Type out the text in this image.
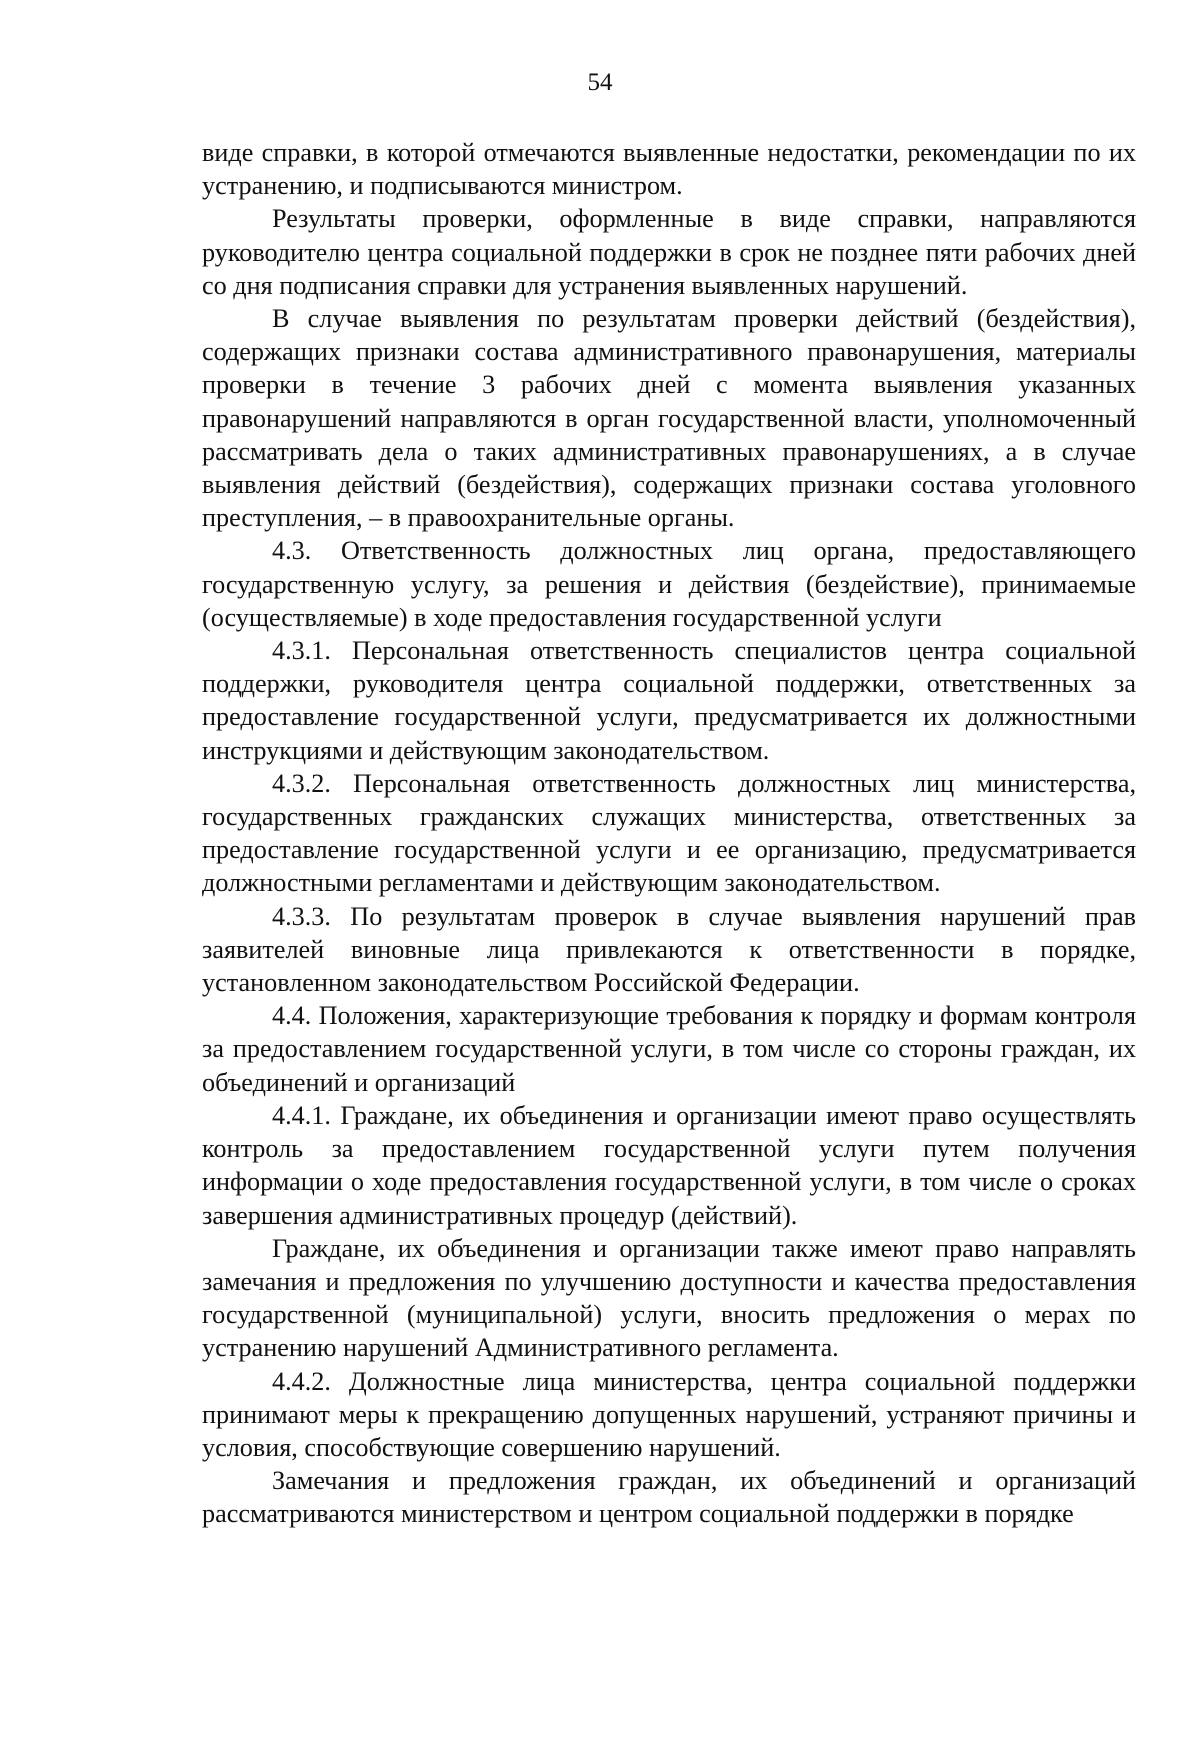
54

виде справки, в которой отмечаются выявленные недостатки, рекомендации по их устранению, и подписываются министром.

Результаты проверки, оформленные в виде справки, направляются руководителю центра социальной поддержки в срок не позднее пяти рабочих дней со дня подписания справки для устранения выявленных нарушений.

В случае выявления по результатам проверки действий (бездействия), содержащих признаки состава административного правонарушения, материалы проверки в течение 3 рабочих дней с момента выявления указанных правонарушений направляются в орган государственной власти, уполномоченный рассматривать дела о таких административных правонарушениях, а в случае выявления действий (бездействия), содержащих признаки состава уголовного преступления, – в правоохранительные органы.

4.3. Ответственность должностных лиц органа, предоставляющего государственную услугу, за решения и действия (бездействие), принимаемые (осуществляемые) в ходе предоставления государственной услуги

4.3.1. Персональная ответственность специалистов центра социальной поддержки, руководителя центра социальной поддержки, ответственных за предоставление государственной услуги, предусматривается их должностными инструкциями и действующим законодательством.

4.3.2. Персональная ответственность должностных лиц министерства, государственных гражданских служащих министерства, ответственных за предоставление государственной услуги и ее организацию, предусматривается должностными регламентами и действующим законодательством.

4.3.3. По результатам проверок в случае выявления нарушений прав заявителей виновные лица привлекаются к ответственности в порядке, установленном законодательством Российской Федерации.

4.4. Положения, характеризующие требования к порядку и формам контроля за предоставлением государственной услуги, в том числе со стороны граждан, их объединений и организаций

4.4.1. Граждане, их объединения и организации имеют право осуществлять контроль за предоставлением государственной услуги путем получения информации о ходе предоставления государственной услуги, в том числе о сроках завершения административных процедур (действий).

Граждане, их объединения и организации также имеют право направлять замечания и предложения по улучшению доступности и качества предоставления государственной (муниципальной) услуги, вносить предложения о мерах по устранению нарушений Административного регламента.

4.4.2. Должностные лица министерства, центра социальной поддержки принимают меры к прекращению допущенных нарушений, устраняют причины и условия, способствующие совершению нарушений.

Замечания и предложения граждан, их объединений и организаций рассматриваются министерством и центром социальной поддержки в порядке
